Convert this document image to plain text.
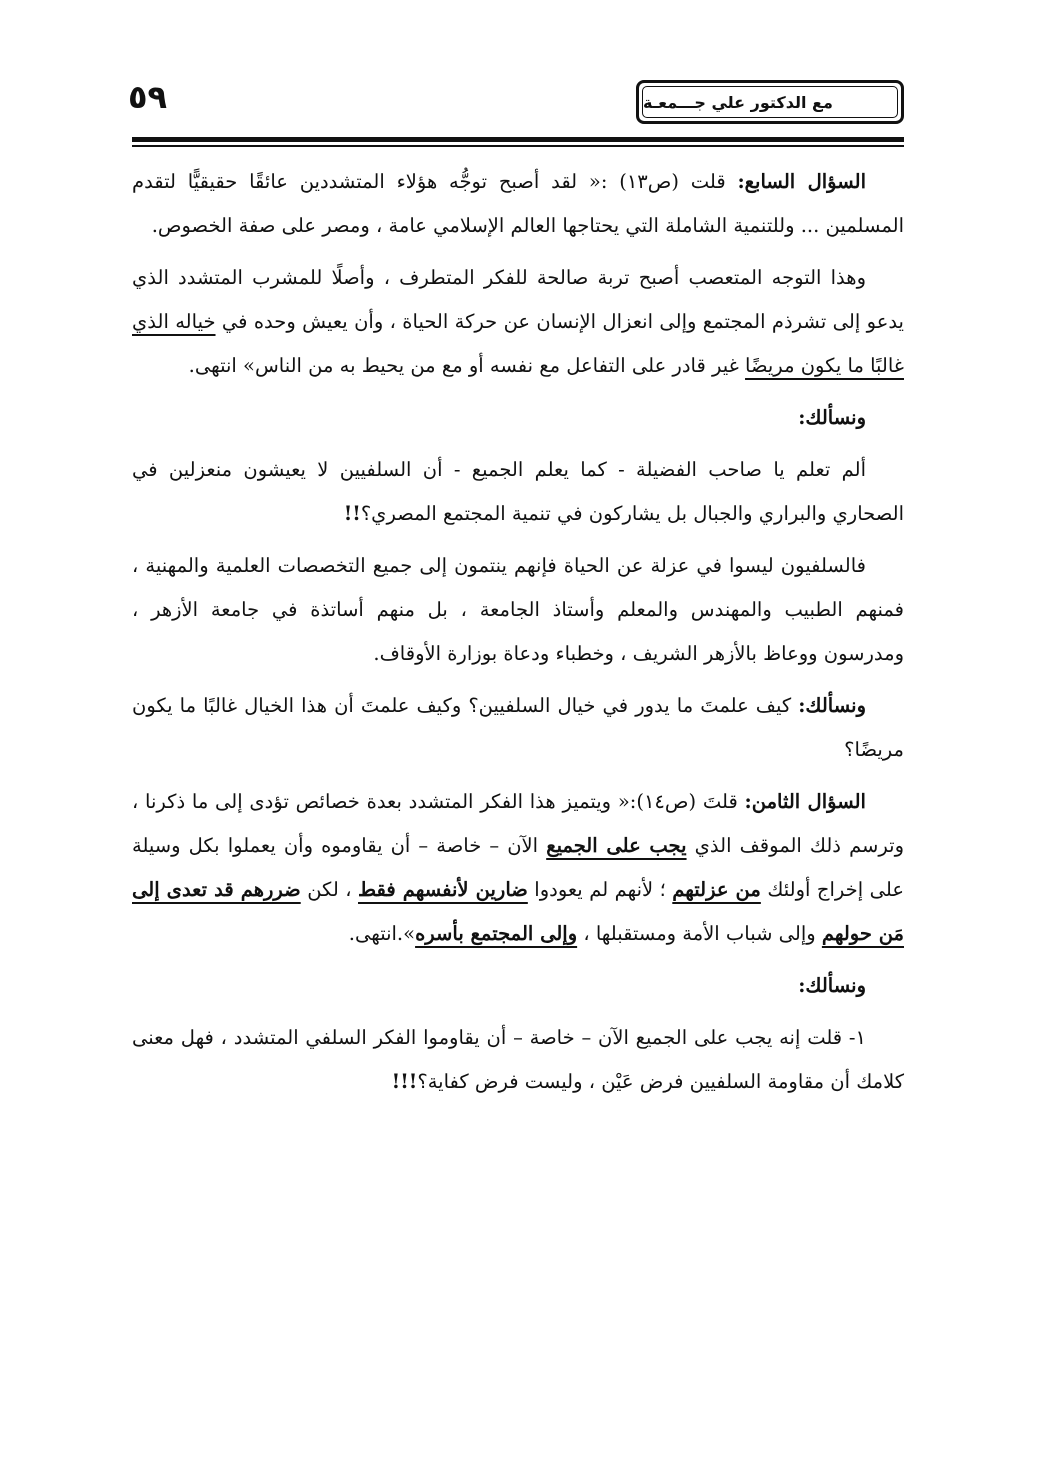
٥٩	مع الدكتور علي جـــمعـة

السؤال السابع: قلت (ص١٣) :« لقد أصبح توجُّه هؤلاء المتشددين عائقًا حقيقيًّا لتقدم المسلمين ... وللتنمية الشاملة التي يحتاجها العالم الإسلامي عامة ، ومصر على صفة الخصوص.

وهذا التوجه المتعصب أصبح تربة صالحة للفكر المتطرف ، وأصلًا للمشرب المتشدد الذي يدعو إلى تشرذم المجتمع وإلى انعزال الإنسان عن حركة الحياة ، وأن يعيش وحده في خياله الذي غالبًا ما يكون مريضًا غير قادر على التفاعل مع نفسه أو مع من يحيط به من الناس» انتهى.

ونسألك:

ألم تعلم يا صاحب الفضيلة - كما يعلم الجميع - أن السلفيين لا يعيشون منعزلين في الصحاري والبراري والجبال بل يشاركون في تنمية المجتمع المصري؟!!

فالسلفيون ليسوا في عزلة عن الحياة فإنهم ينتمون إلى جميع التخصصات العلمية والمهنية ، فمنهم الطبيب والمهندس والمعلم وأستاذ الجامعة ، بل منهم أساتذة في جامعة الأزهر ، ومدرسون ووعاظ بالأزهر الشريف ، وخطباء ودعاة بوزارة الأوقاف.

ونسألك: كيف علمتَ ما يدور في خيال السلفيين؟ وكيف علمتَ أن هذا الخيال غالبًا ما يكون مريضًا؟

السؤال الثامن: قلتَ (ص١٤):« ويتميز هذا الفكر المتشدد بعدة خصائص تؤدى إلى ما ذكرنا ، وترسم ذلك الموقف الذي يجب على الجميع الآن – خاصة – أن يقاوموه وأن يعملوا بكل وسيلة على إخراج أولئك من عزلتهم ؛ لأنهم لم يعودوا ضارين لأنفسهم فقط ، لكن ضررهم قد تعدى إلى مَن حولهم وإلى شباب الأمة ومستقبلها ، وإلى المجتمع بأسره».انتهى.

ونسألك:

١- قلت إنه يجب على الجميع الآن – خاصة – أن يقاوموا الفكر السلفي المتشدد ، فهل معنى كلامك أن مقاومة السلفيين فرض عَيْن ، وليست فرض كفاية؟!!!
